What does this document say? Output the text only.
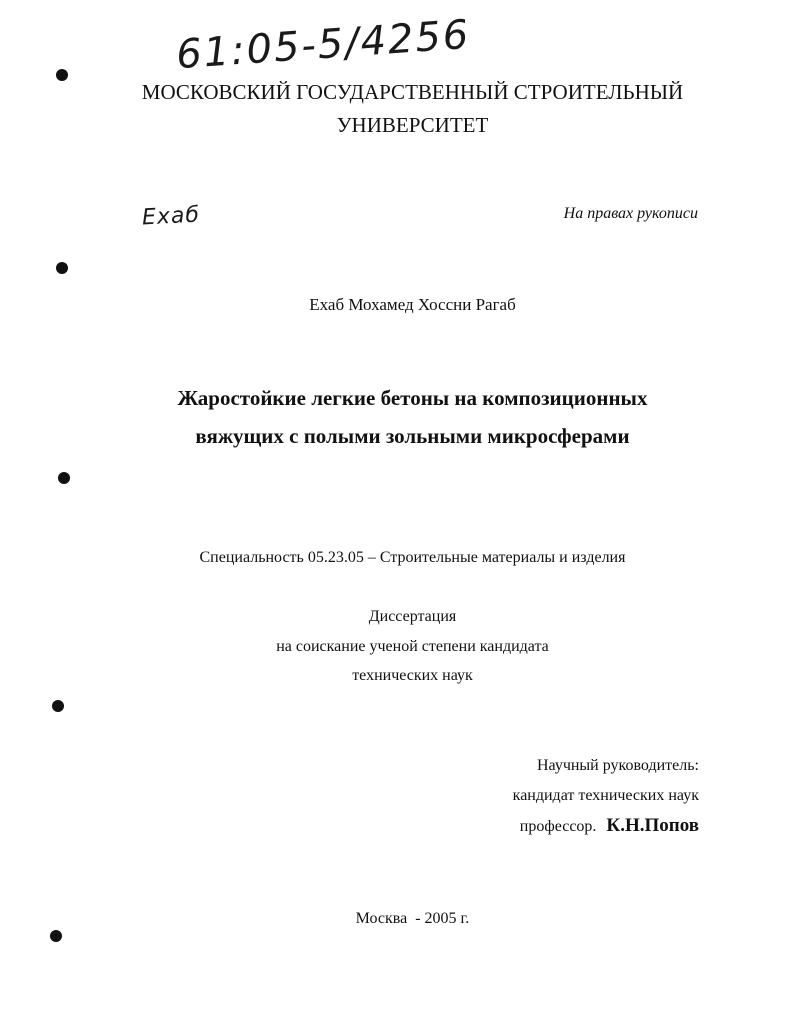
61:05-5/4256
МОСКОВСКИЙ ГОСУДАРСТВЕННЫЙ СТРОИТЕЛЬНЫЙ
УНИВЕРСИТЕТ
Ехаб	На правах рукописи
Ехаб Мохамед Хоссни Рагаб
Жаростойкие легкие бетоны на композиционных
вяжущих с полыми зольными микросферами
Специальность 05.23.05 – Строительные материалы и изделия
Диссертация
на соискание ученой степени кандидата
технических наук
Научный руководитель:
кандидат технических наук
профессор. К.Н.Попов
Москва  - 2005 г.
